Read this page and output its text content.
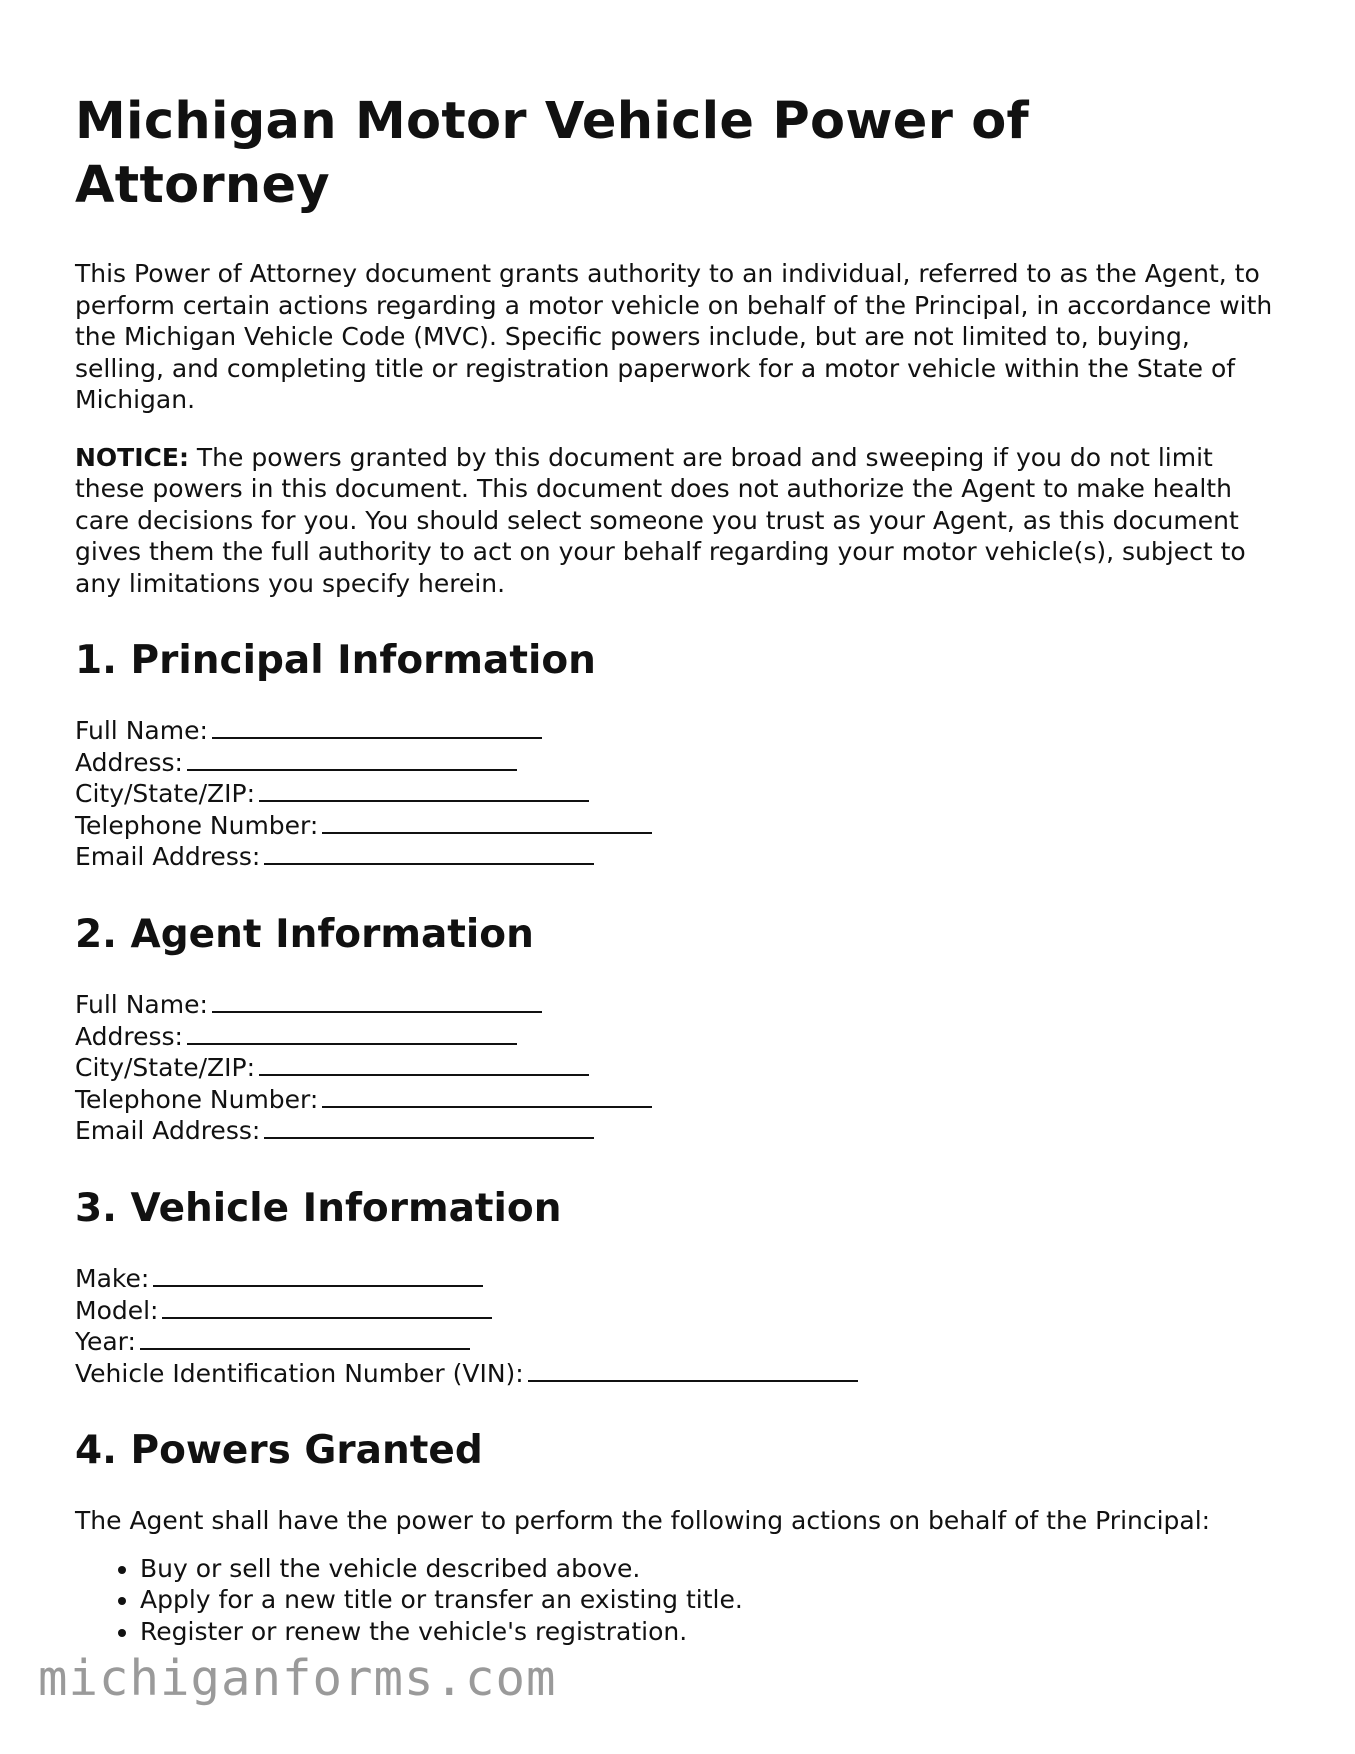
Michigan Motor Vehicle Power of Attorney

This Power of Attorney document grants authority to an individual, referred to as the Agent, to perform certain actions regarding a motor vehicle on behalf of the Principal, in accordance with the Michigan Vehicle Code (MVC). Specific powers include, but are not limited to, buying, selling, and completing title or registration paperwork for a motor vehicle within the State of Michigan.

NOTICE: The powers granted by this document are broad and sweeping if you do not limit these powers in this document. This document does not authorize the Agent to make health care decisions for you. You should select someone you trust as your Agent, as this document gives them the full authority to act on your behalf regarding your motor vehicle(s), subject to any limitations you specify herein.

1. Principal Information
Full Name:
Address:
City/State/ZIP:
Telephone Number:
Email Address:
2. Agent Information
Full Name:
Address:
City/State/ZIP:
Telephone Number:
Email Address:
3. Vehicle Information
Make:
Model:
Year:
Vehicle Identification Number (VIN):
4. Powers Granted

The Agent shall have the power to perform the following actions on behalf of the Principal:

• Buy or sell the vehicle described above.
• Apply for a new title or transfer an existing title.
• Register or renew the vehicle's registration.
michiganforms.com
